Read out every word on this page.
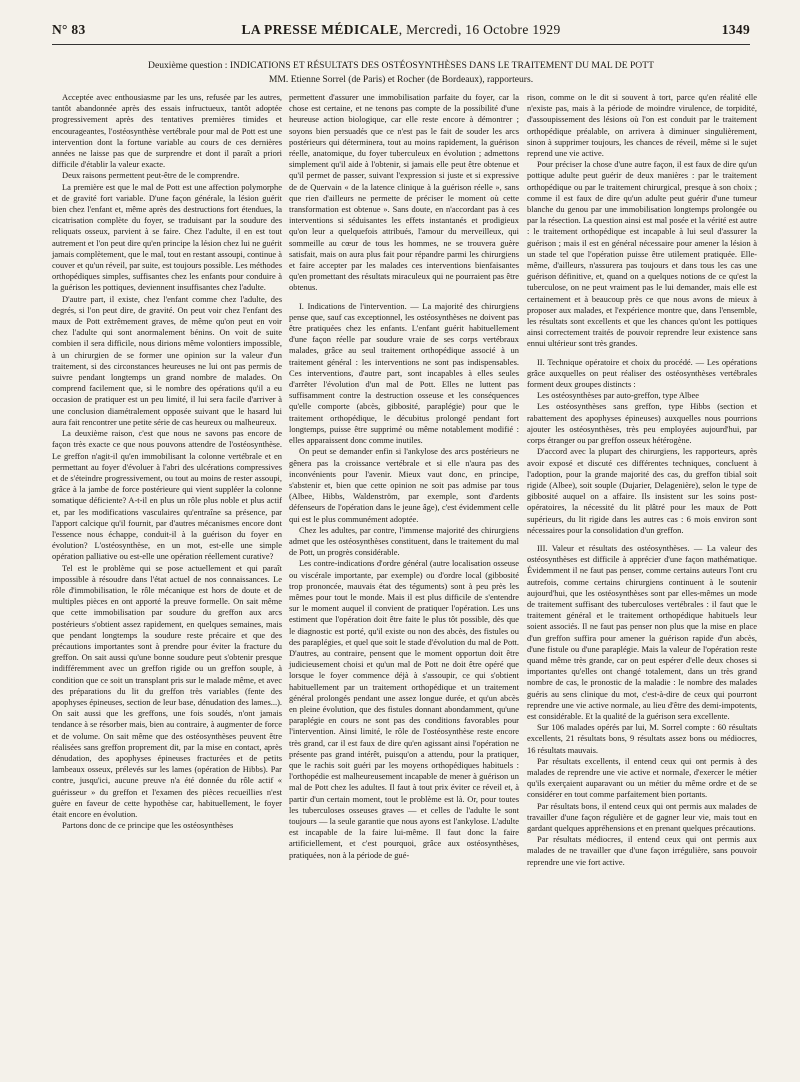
N° 83	LA PRESSE MÉDICALE, Mercredi, 16 Octobre 1929	1349
Deuxième question : INDICATIONS ET RÉSULTATS DES OSTÉOSYNTHÈSES DANS LE TRAITEMENT DU MAL DE POTT
MM. Etienne Sorrel (de Paris) et Rocher (de Bordeaux), rapporteurs.

Acceptée avec enthousiasme par les uns, refusée par les autres, tantôt abandonnée après des essais infructueux, tantôt adoptée progressivement après des tentatives premières timides et encourageantes, l'ostéosynthèse vertébrale pour mal de Pott est une intervention dont la fortune variable au cours de ces dernières années ne laisse pas que de surprendre et dont il paraît a priori difficile d'établir la valeur exacte.

Deux raisons permettent peut-être de le comprendre.

La première est que le mal de Pott est une affection polymorphe et de gravité fort variable. D'une façon générale, la lésion guérit bien chez l'enfant et, même après des destructions fort étendues, la cicatrisation complète du foyer, se traduisant par la soudure des reliquats osseux, parvient à se faire. Chez l'adulte, il en est tout autrement et l'on peut dire qu'en principe la lésion chez lui ne guérit jamais complètement, que le mal, tout en restant assoupi, continue à couver et qu'un réveil, par suite, est toujours possible. Les méthodes orthopédiques simples, suffisantes chez les enfants pour conduire à la guérison les pottiques, deviennent insuffisantes chez l'adulte.

D'autre part, il existe, chez l'enfant comme chez l'adulte, des degrés, si l'on peut dire, de gravité. On peut voir chez l'enfant des maux de Pott extrêmement graves, de même qu'on peut en voir chez l'adulte qui sont anormalement bénins. On voit de suite combien il sera difficile, nous dirions même volontiers impossible, à un chirurgien de se former une opinion sur la valeur d'un traitement, si des circonstances heureuses ne lui ont pas permis de suivre pendant longtemps un grand nombre de malades. On comprend facilement que, si le nombre des opérations qu'il a eu occasion de pratiquer est un peu limité, il lui sera facile d'arriver à une conclusion diamétralement opposée suivant que le hasard lui aura fait rencontrer une petite série de cas heureux ou malheureux.

La deuxième raison, c'est que nous ne savons pas encore de façon très exacte ce que nous pouvons attendre de l'ostéosynthèse. Le greffon n'agit-il qu'en immobilisant la colonne vertébrale et en permettant au foyer d'évoluer à l'abri des ulcérations compressives et de s'éteindre progressivement, ou tout au moins de rester assoupi, grâce à la jambe de force postérieure qui vient suppléer la colonne somatique déficiente? A-t-il en plus un rôle plus noble et plus actif et, par les modifications vasculaires qu'entraîne sa présence, par l'apport calcique qu'il fournit, par d'autres mécanismes encore dont l'essence nous échappe, conduit-il à la guérison du foyer en évolution? L'ostéosynthèse, en un mot, est-elle une simple opération palliative ou est-elle une opération réellement curative?

Tel est le problème qui se pose actuellement et qui paraît impossible à résoudre dans l'état actuel de nos connaissances. Le rôle d'immobilisation, le rôle mécanique est hors de doute et de multiples pièces en ont apporté la preuve formelle. On sait même que cette immobilisation par soudure du greffon aux arcs postérieurs s'obtient assez rapidement, en quelques semaines, mais que pendant longtemps la soudure reste précaire et que des précautions importantes sont à prendre pour éviter la fracture du greffon. On sait aussi qu'une bonne soudure peut s'obtenir presque indifféremment avec un greffon rigide ou un greffon souple, à condition que ce soit un transplant pris sur le malade même, et avec des préparations du lit du greffon très variables (fente des apophyses épineuses, section de leur base, dénudation des lames...). On sait aussi que les greffons, une fois soudés, n'ont jamais tendance à se résorber mais, bien au contraire, à augmenter de force et de volume. On sait même que des ostéosynthèses peuvent être réalisées sans greffon proprement dit, par la mise en contact, après dénudation, des apophyses épineuses fracturées et de petits lambeaux osseux, prélevés sur les lames (opération de Hibbs). Par contre, jusqu'ici, aucune preuve n'a été donnée du rôle actif « guérisseur » du greffon et l'examen des pièces recueillies n'est guère en faveur de cette hypothèse car, habituellement, le foyer était encore en évolution.

Partons donc de ce principe que les ostéosynthèses

permettent d'assurer une immobilisation parfaite du foyer, car la chose est certaine, et ne tenons pas compte de la possibilité d'une heureuse action biologique, car elle reste encore à démontrer ; soyons bien persuadés que ce n'est pas le fait de souder les arcs postérieurs qui déterminera, tout au moins rapidement, la guérison réelle, anatomique, du foyer tuberculeux en évolution ; admettons simplement qu'il aide à l'obtenir, si jamais elle peut être obtenue et qu'il permet de passer, suivant l'expression si juste et si expressive de de Quervain « de la latence clinique à la guérison réelle », sans que rien d'ailleurs ne permette de préciser le moment où cette transformation est obtenue ». Sans doute, en n'accordant pas à ces interventions si séduisantes les effets instantanés et prodigieux qu'on leur a quelquefois attribués, l'amour du merveilleux, qui sommeille au cœur de tous les hommes, ne se trouvera guère satisfait, mais on aura plus fait pour répandre parmi les chirurgiens et faire accepter par les malades ces interventions bienfaisantes qu'en promettant des résultats miraculeux qui ne pourraient pas être obtenus.

I. Indications de l'intervention. — La majorité des chirurgiens pense que, sauf cas exceptionnel, les ostéosynthèses ne doivent pas être pratiquées chez les enfants. L'enfant guérit habituellement d'une façon réelle par soudure vraie de ses corps vertébraux malades, grâce au seul traitement orthopédique associé à un traitement général : les interventions ne sont pas indispensables. Ces interventions, d'autre part, sont incapables à elles seules d'arrêter l'évolution d'un mal de Pott. Elles ne luttent pas suffisamment contre la destruction osseuse et les conséquences qu'elle comporte (abcès, gibbosité, paraplégie) pour que le traitement orthopédique, le décubitus prolongé pendant fort longtemps, puisse être supprimé ou même notablement modifié : elles apparaissent donc comme inutiles.

On peut se demander enfin si l'ankylose des arcs postérieurs ne gênera pas la croissance vertébrale et si elle n'aura pas des inconvénients pour l'avenir. Mieux vaut donc, en principe, s'abstenir et, bien que cette opinion ne soit pas admise par tous (Albee, Hibbs, Waldenström, par exemple, sont d'ardents défenseurs de l'opération dans le jeune âge), c'est évidemment celle qui est le plus communément adoptée.

Chez les adultes, par contre, l'immense majorité des chirurgiens admet que les ostéosynthèses constituent, dans le traitement du mal de Pott, un progrès considérable.

Les contre-indications d'ordre général (autre localisation osseuse ou viscérale importante, par exemple) ou d'ordre local (gibbosité trop prononcée, mauvais état des téguments) sont à peu près les mêmes pour tout le monde. Mais il est plus difficile de s'entendre sur le moment auquel il convient de pratiquer l'opération. Les uns estiment que l'opération doit être faite le plus tôt possible, dès que le diagnostic est porté, qu'il existe ou non des abcès, des fistules ou des paraplégies, et quel que soit le stade d'évolution du mal de Pott. D'autres, au contraire, pensent que le moment opportun doit être judicieusement choisi et qu'un mal de Pott ne doit être opéré que lorsque le foyer commence déjà à s'assoupir, ce qui s'obtient habituellement par un traitement orthopédique et un traitement général prolongés pendant une assez longue durée, et qu'un abcès en pleine évolution, que des fistules donnant abondamment, qu'une paraplégie en cours ne sont pas des conditions favorables pour l'intervention. Ainsi limité, le rôle de l'ostéosynthèse reste encore très grand, car il est faux de dire qu'en agissant ainsi l'opération ne présente pas grand intérêt, puisqu'on a attendu, pour la pratiquer, que le rachis soit guéri par les moyens orthopédiques habituels : l'orthopédie est malheureusement incapable de mener à guérison un mal de Pott chez les adultes. Il faut à tout prix éviter ce réveil et, à partir d'un certain moment, tout le problème est là. Or, pour toutes les tuberculoses osseuses graves — et celles de l'adulte le sont toujours — la seule garantie que nous ayons est l'ankylose. L'adulte est incapable de la faire lui-même. Il faut donc la faire artificiellement, et c'est pourquoi, grâce aux ostéosynthèses, pratiquées, non à la période de gué-

rison, comme on le dit si souvent à tort, parce qu'en réalité elle n'existe pas, mais à la période de moindre virulence, de torpidité, d'assoupissement des lésions où l'on est conduit par le traitement orthopédique préalable, on arrivera à diminuer singulièrement, sinon à supprimer toujours, les chances de réveil, même si le sujet reprend une vie active.

Pour préciser la chose d'une autre façon, il est faux de dire qu'un pottique adulte peut guérir de deux manières : par le traitement orthopédique ou par le traitement chirurgical, presque à son choix ; comme il est faux de dire qu'un adulte peut guérir d'une tumeur blanche du genou par une immobilisation longtemps prolongée ou par la résection. La question ainsi est mal posée et la vérité est autre : le traitement orthopédique est incapable à lui seul d'assurer la guérison ; mais il est en général nécessaire pour amener la lésion à un stade tel que l'opération puisse être utilement pratiquée. Elle-même, d'ailleurs, n'assurera pas toujours et dans tous les cas une guérison définitive, et, quand on a quelques notions de ce qu'est la tuberculose, on ne peut vraiment pas le lui demander, mais elle est certainement et à beaucoup près ce que nous avons de mieux à proposer aux malades, et l'expérience montre que, dans l'ensemble, les résultats sont excellents et que les chances qu'ont les pottiques ainsi correctement traités de pouvoir reprendre leur existence sans ennui ultérieur sont très grandes.

II. Technique opératoire et choix du procédé. — Les opérations grâce auxquelles on peut réaliser des ostéosynthèses vertébrales forment deux groupes distincts :

Les ostéosynthèses par auto-greffon, type Albee

Les ostéosynthèses sans greffon, type Hibbs (section et rabattement des apophyses épineuses) auxquelles nous pourrions ajouter les ostéosynthèses, très peu employées aujourd'hui, par corps étranger ou par greffon osseux hétérogène.

D'accord avec la plupart des chirurgiens, les rapporteurs, après avoir exposé et discuté ces différentes techniques, concluent à l'adoption, pour la grande majorité des cas, du greffon tibial soit rigide (Albee), soit souple (Dujarier, Delagenière), selon le type de gibbosité auquel on a affaire. Ils insistent sur les soins post-opératoires, la nécessité du lit plâtré pour les maux de Pott supérieurs, du lit rigide dans les autres cas : 6 mois environ sont nécessaires pour la consolidation d'un greffon.

III. Valeur et résultats des ostéosynthèses. — La valeur des ostéosynthèses est difficile à apprécier d'une façon mathématique. Évidemment il ne faut pas penser, comme certains auteurs l'ont cru autrefois, comme certains chirurgiens continuent à le soutenir aujourd'hui, que les ostéosynthèses sont par elles-mêmes un mode de traitement suffisant des tuberculoses vertébrales : il faut que le traitement général et le traitement orthopédique habituels leur soient associés. Il ne faut pas penser non plus que la mise en place d'un greffon suffira pour amener la guérison rapide d'un abcès, d'une fistule ou d'une paraplégie. Mais la valeur de l'opération reste quand même très grande, car on peut espérer d'elle deux choses si importantes qu'elles ont changé totalement, dans un très grand nombre de cas, le pronostic de la maladie : le nombre des malades guéris au sens clinique du mot, c'est-à-dire de ceux qui pourront reprendre une vie active normale, au lieu d'être des demi-impotents, est considérable. Et la qualité de la guérison sera excellente.

Sur 106 malades opérés par lui, M. Sorrel compte : 60 résultats excellents, 21 résultats bons, 9 résultats assez bons ou médiocres, 16 résultats mauvais.

Par résultats excellents, il entend ceux qui ont permis à des malades de reprendre une vie active et normale, d'exercer le métier qu'ils exerçaient auparavant ou un métier du même ordre et de se considérer en tout comme parfaitement bien portants.

Par résultats bons, il entend ceux qui ont permis aux malades de travailler d'une façon régulière et de gagner leur vie, mais tout en gardant quelques appréhensions et en prenant quelques précautions.

Par résultats médiocres, il entend ceux qui ont permis aux malades de ne travailler que d'une façon irrégulière, sans pouvoir reprendre une vie fort active.
